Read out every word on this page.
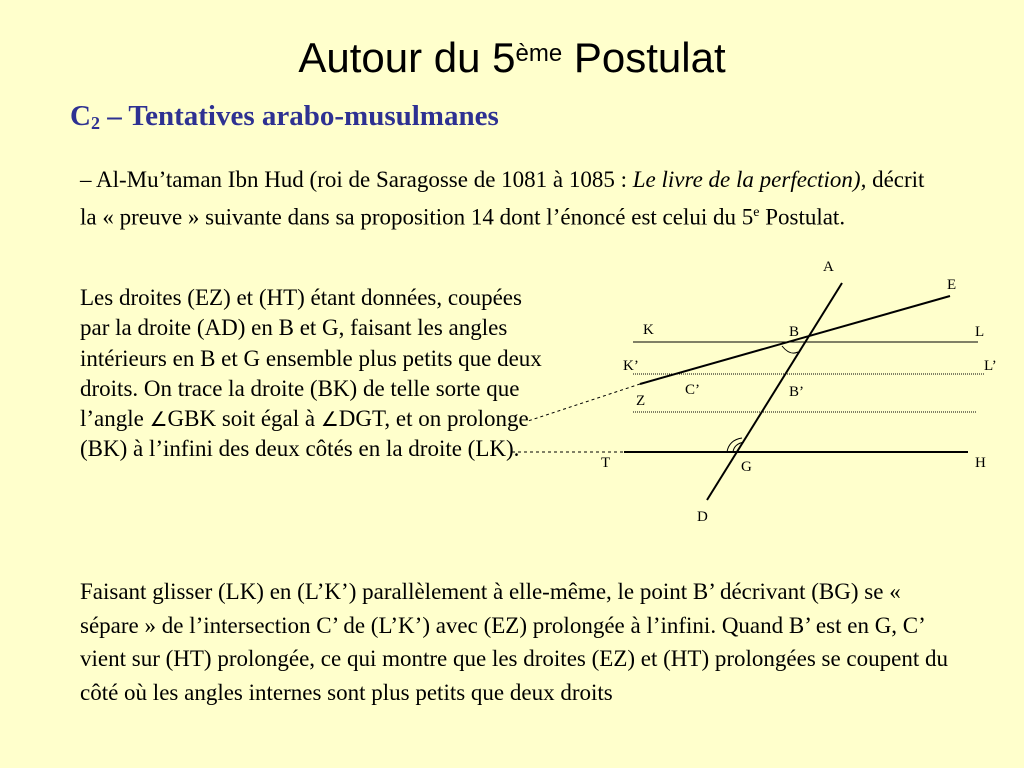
Autour du 5ème Postulat
$C_2$ – Tentatives arabo-musulmanes
– Al-Mu’taman Ibn Hud (roi de Saragosse de 1081 à 1085 : Le livre de la perfection), décrit la « preuve » suivante dans sa proposition 14 dont l’énoncé est celui du 5e Postulat.
Les droites (EZ) et (HT) étant données, coupées par la droite (AD) en B et G, faisant les angles intérieurs en B et G ensemble plus petits que deux droits. On trace la droite (BK) de telle sorte que l’angle ∠GBK soit égal à ∠DGT, et on prolonge (BK) à l’infini des deux côtés en la droite (LK).
Faisant glisser (LK) en (L’K’) parallèlement à elle-même, le point B’ décrivant (BG) se « sépare » de l’intersection C’ de (L’K’) avec (EZ) prolongée à l’infini. Quand B’ est en G, C’ vient sur (HT) prolongée, ce qui montre que les droites (EZ) et (HT) prolongées se coupent du côté où les angles internes sont plus petits que deux droits
A
E
K	B	L
K’	L’
C’	B’
Z
T	G	H
D
